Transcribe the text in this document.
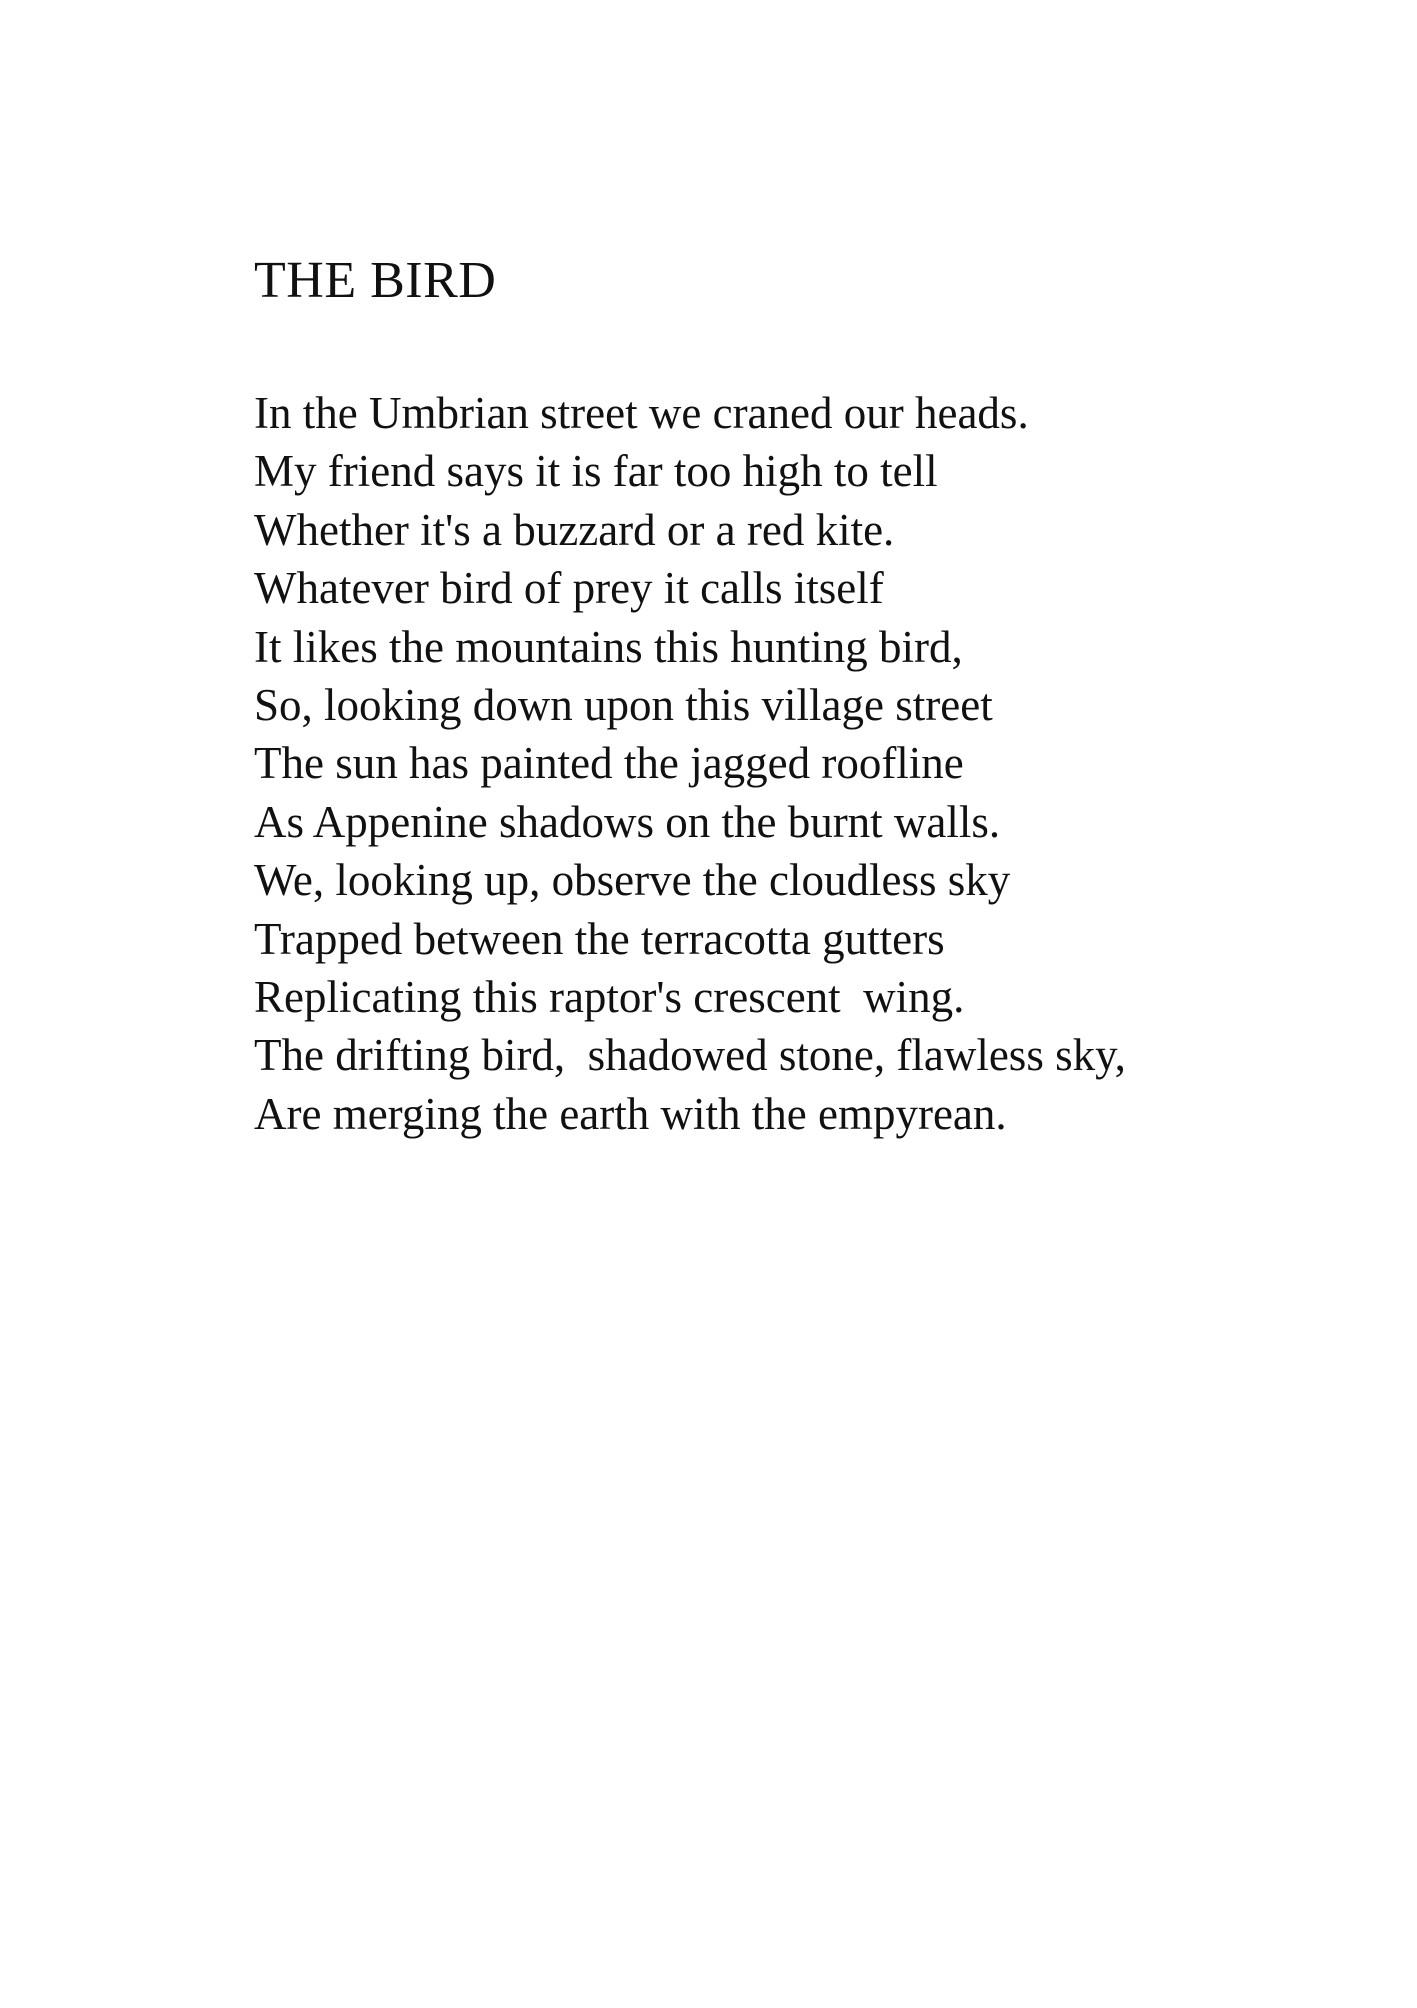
THE BIRD
In the Umbrian street we craned our heads.
My friend says it is far too high to tell
Whether it's a buzzard or a red kite.
Whatever bird of prey it calls itself
It likes the mountains this hunting bird,
So, looking down upon this village street
The sun has painted the jagged roofline
As Appenine shadows on the burnt walls.
We, looking up, observe the cloudless sky
Trapped between the terracotta gutters
Replicating this raptor's crescent  wing.
The drifting bird,  shadowed stone, flawless sky,
Are merging the earth with the empyrean.
